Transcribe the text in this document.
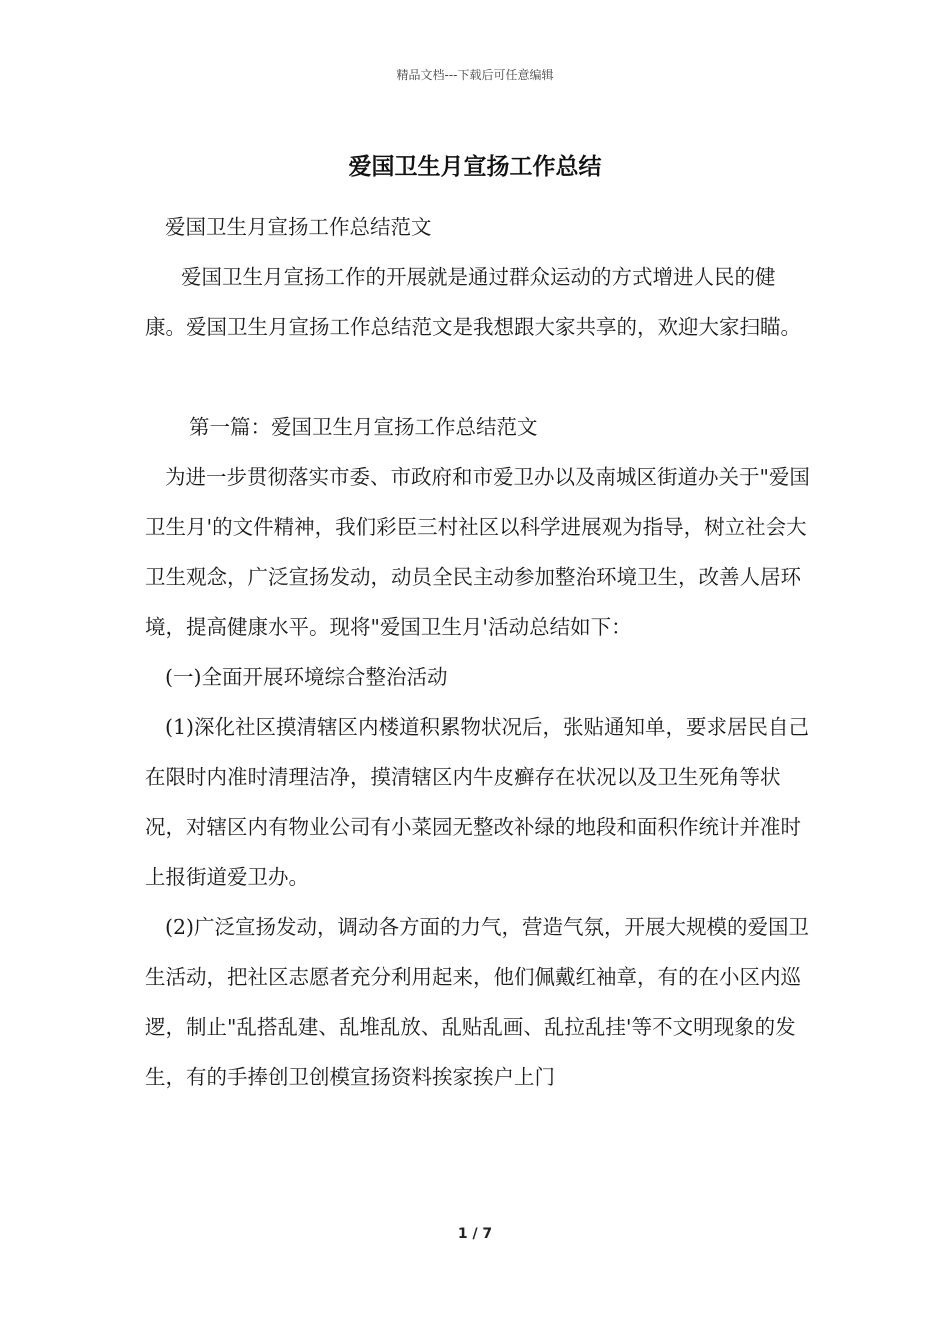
精品文档---下载后可任意编辑
爱国卫生月宣扬工作总结

爱国卫生月宣扬工作总结范文

爱国卫生月宣扬工作的开展就是通过群众运动的方式增进人民的健康。爱国卫生月宣扬工作总结范文是我想跟大家共享的，欢迎大家扫瞄。

第一篇：爱国卫生月宣扬工作总结范文

为进一步贯彻落实市委、市政府和市爱卫办以及南城区街道办关于"爱国卫生月'的文件精神，我们彩臣三村社区以科学进展观为指导，树立社会大卫生观念，广泛宣扬发动，动员全民主动参加整治环境卫生，改善人居环境，提高健康水平。现将"爱国卫生月'活动总结如下：

(一)全面开展环境综合整治活动

(1)深化社区摸清辖区内楼道积累物状况后，张贴通知单，要求居民自己在限时内准时清理洁净，摸清辖区内牛皮癣存在状况以及卫生死角等状况，对辖区内有物业公司有小菜园无整改补绿的地段和面积作统计并准时上报街道爱卫办。

(2)广泛宣扬发动，调动各方面的力气，营造气氛，开展大规模的爱国卫生活动，把社区志愿者充分利用起来，他们佩戴红袖章，有的在小区内巡逻，制止"乱搭乱建、乱堆乱放、乱贴乱画、乱拉乱挂'等不文明现象的发生，有的手捧创卫创模宣扬资料挨家挨户上门

1 / 7
